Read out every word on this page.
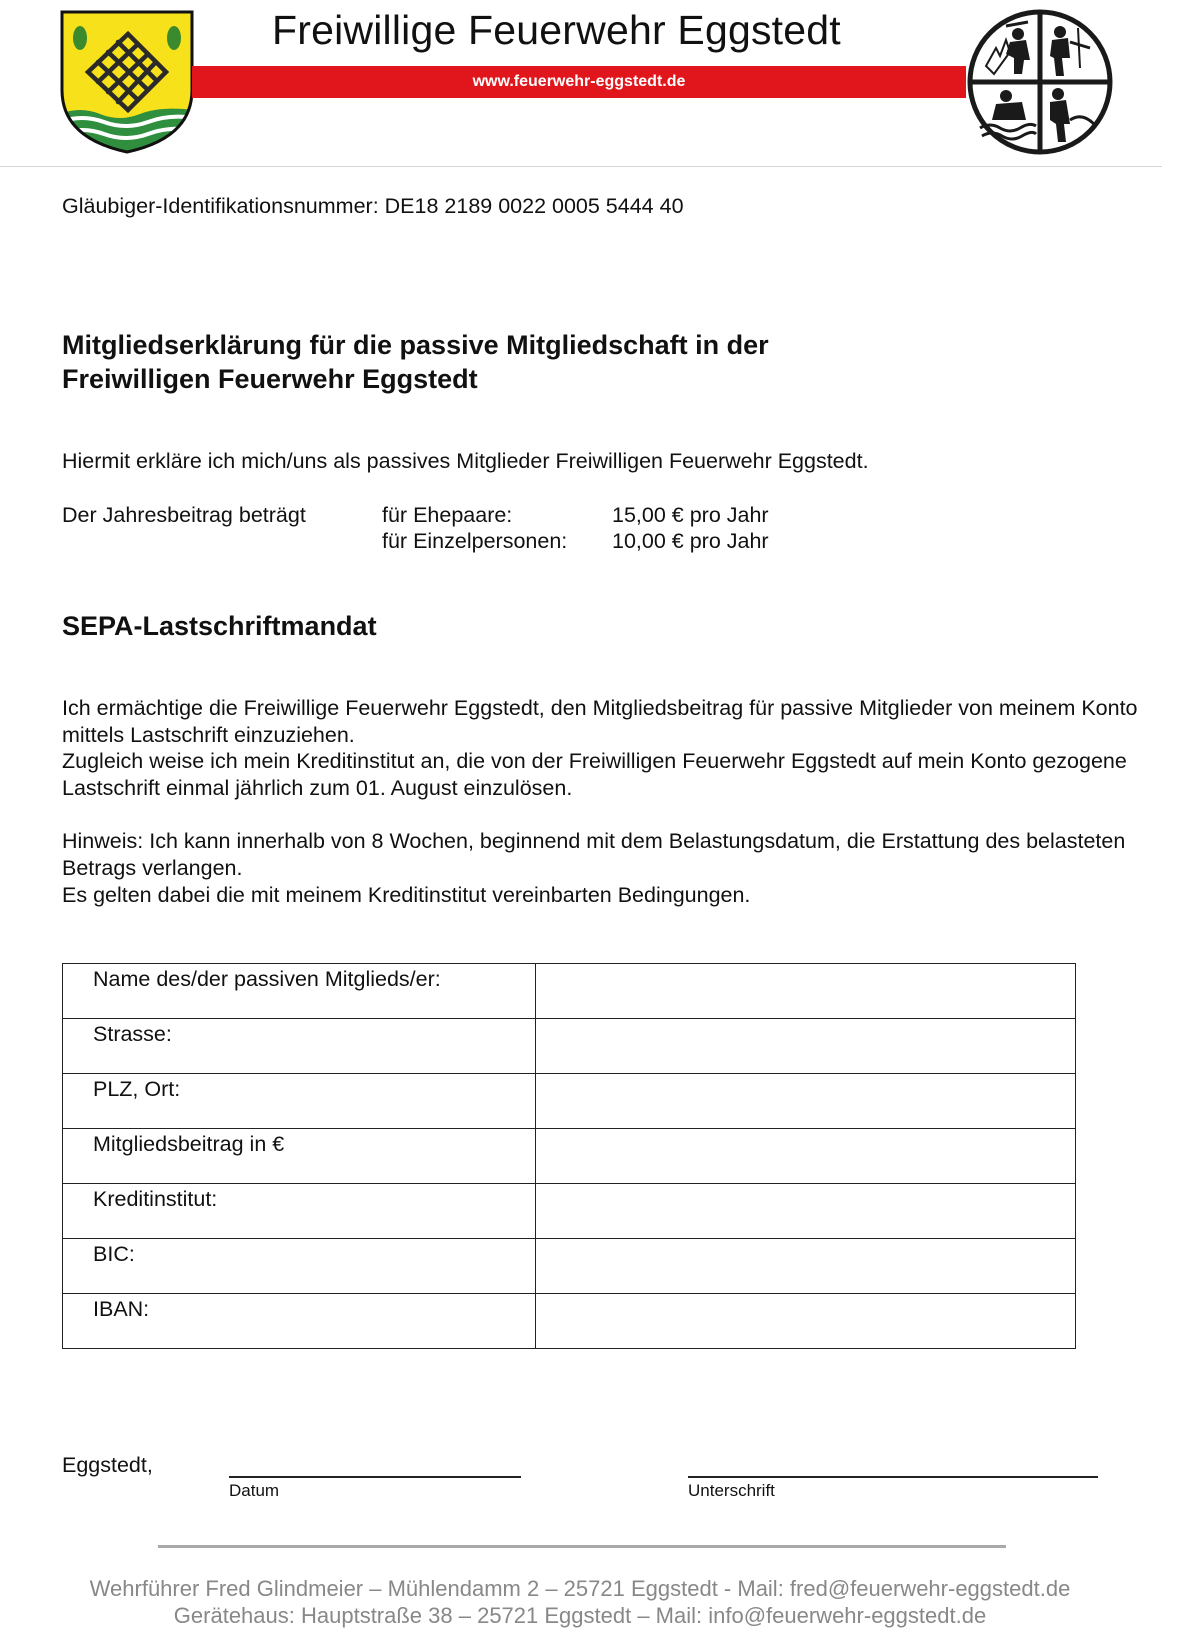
Freiwillige Feuerwehr Eggstedt
www.feuerwehr-eggstedt.de
Gläubiger-Identifikationsnummer: DE18 2189 0022 0005 5444 40
Mitgliedserklärung für die passive Mitgliedschaft in der
Freiwilligen Feuerwehr Eggstedt
Hiermit erkläre ich mich/uns als passives Mitglieder Freiwilligen Feuerwehr Eggstedt.
Der Jahresbeitrag beträgt	für Ehepaare:	15,00 € pro Jahr
für Einzelpersonen: 10,00 € pro Jahr
SEPA-Lastschriftmandat
Ich ermächtige die Freiwillige Feuerwehr Eggstedt, den Mitgliedsbeitrag für passive Mitglieder von meinem Konto mittels Lastschrift einzuziehen.
Zugleich weise ich mein Kreditinstitut an, die von der Freiwilligen Feuerwehr Eggstedt auf mein Konto gezogene Lastschrift einmal jährlich zum 01. August einzulösen.
Hinweis: Ich kann innerhalb von 8 Wochen, beginnend mit dem Belastungsdatum, die Erstattung des belasteten Betrags verlangen.
Es gelten dabei die mit meinem Kreditinstitut vereinbarten Bedingungen.
Name des/der passiven Mitglieds/er:	
Strasse:	
PLZ, Ort:	
Mitgliedsbeitrag in €	
Kreditinstitut:	
BIC:	
IBAN:	
Eggstedt,
Datum	Unterschrift
Wehrführer Fred Glindmeier – Mühlendamm 2 – 25721 Eggstedt - Mail: fred@feuerwehr-eggstedt.de
Gerätehaus: Hauptstraße 38 – 25721 Eggstedt – Mail: info@feuerwehr-eggstedt.de
